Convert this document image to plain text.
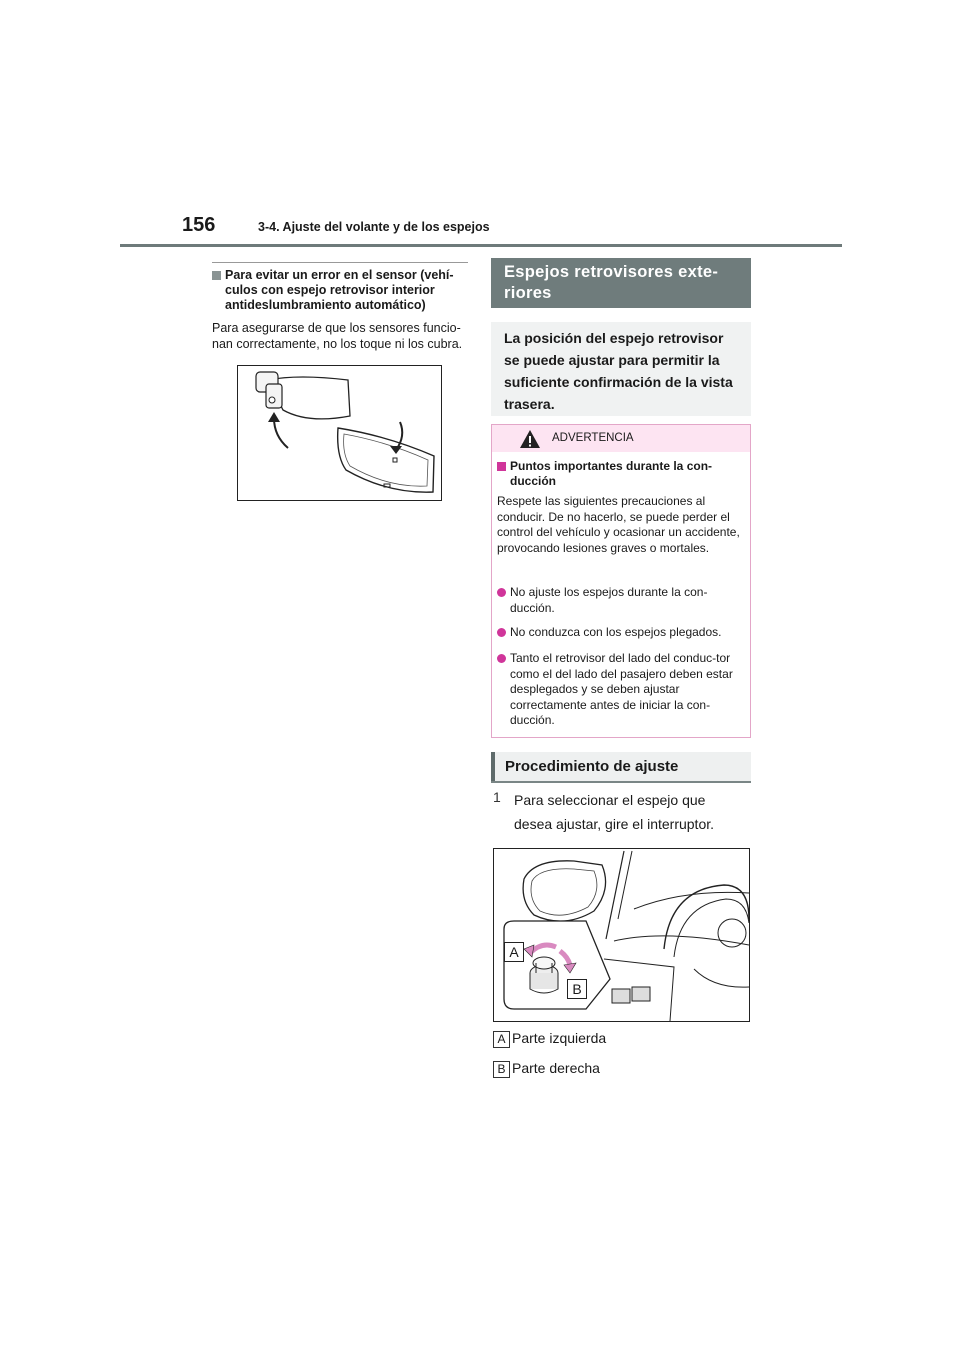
156	3-4. Ajuste del volante y de los espejos
Para evitar un error en el sensor (vehí-culos con espejo retrovisor interior antideslumbramiento automático)
Para asegurarse de que los sensores funcio-nan correctamente, no los toque ni los cubra.
Espejos retrovisores exte-riores
La posición del espejo retrovisor se puede ajustar para permitir la suficiente confirmación de la vista trasera.
ADVERTENCIA
Puntos importantes durante la con-ducción
Respete las siguientes precauciones al conducir. De no hacerlo, se puede perder el control del vehículo y ocasionar un accidente, provocando lesiones graves o mortales.
No ajuste los espejos durante la con-ducción.
No conduzca con los espejos plegados.
Tanto el retrovisor del lado del conduc-tor como el del lado del pasajero deben estar desplegados y se deben ajustar correctamente antes de iniciar la con-ducción.
Procedimiento de ajuste
1 Para seleccionar el espejo que desea ajustar, gire el interruptor.
A
B
A Parte izquierda
B Parte derecha
